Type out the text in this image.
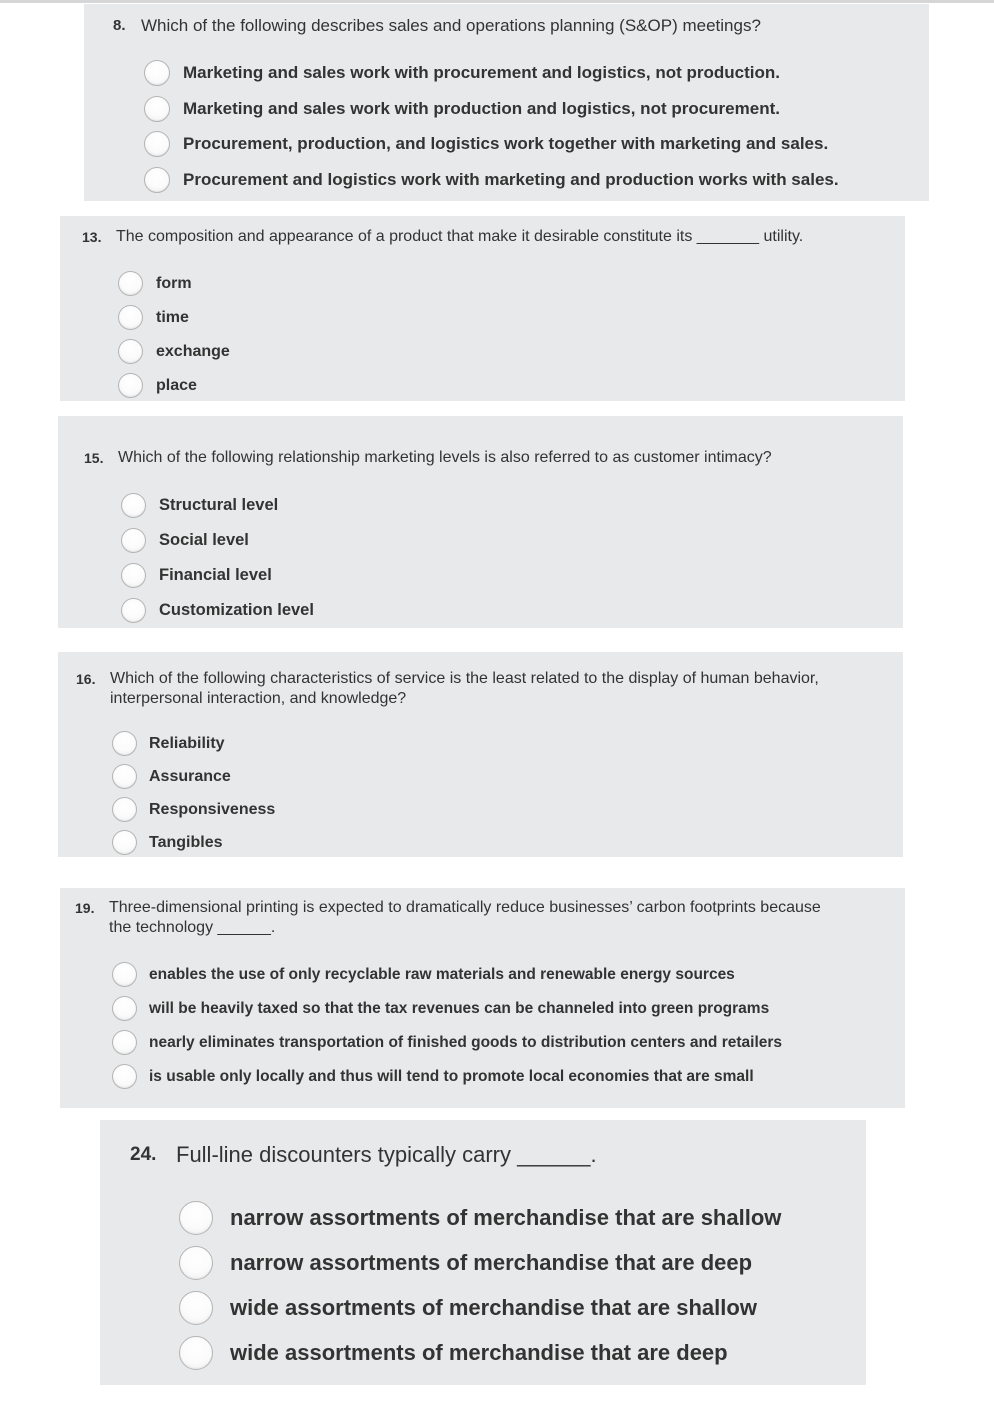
8. Which of the following describes sales and operations planning (S&OP) meetings?
Marketing and sales work with procurement and logistics, not production.
Marketing and sales work with production and logistics, not procurement.
Procurement, production, and logistics work together with marketing and sales.
Procurement and logistics work with marketing and production works with sales.
13. The composition and appearance of a product that make it desirable constitute its _______ utility.
form
time
exchange
place
15. Which of the following relationship marketing levels is also referred to as customer intimacy?
Structural level
Social level
Financial level
Customization level
16. Which of the following characteristics of service is the least related to the display of human behavior,
interpersonal interaction, and knowledge?
Reliability
Assurance
Responsiveness
Tangibles
19. Three-dimensional printing is expected to dramatically reduce businesses’ carbon footprints because
the technology ______.
enables the use of only recyclable raw materials and renewable energy sources
will be heavily taxed so that the tax revenues can be channeled into green programs
nearly eliminates transportation of finished goods to distribution centers and retailers
is usable only locally and thus will tend to promote local economies that are small
24. Full-line discounters typically carry ______.
narrow assortments of merchandise that are shallow
narrow assortments of merchandise that are deep
wide assortments of merchandise that are shallow
wide assortments of merchandise that are deep
